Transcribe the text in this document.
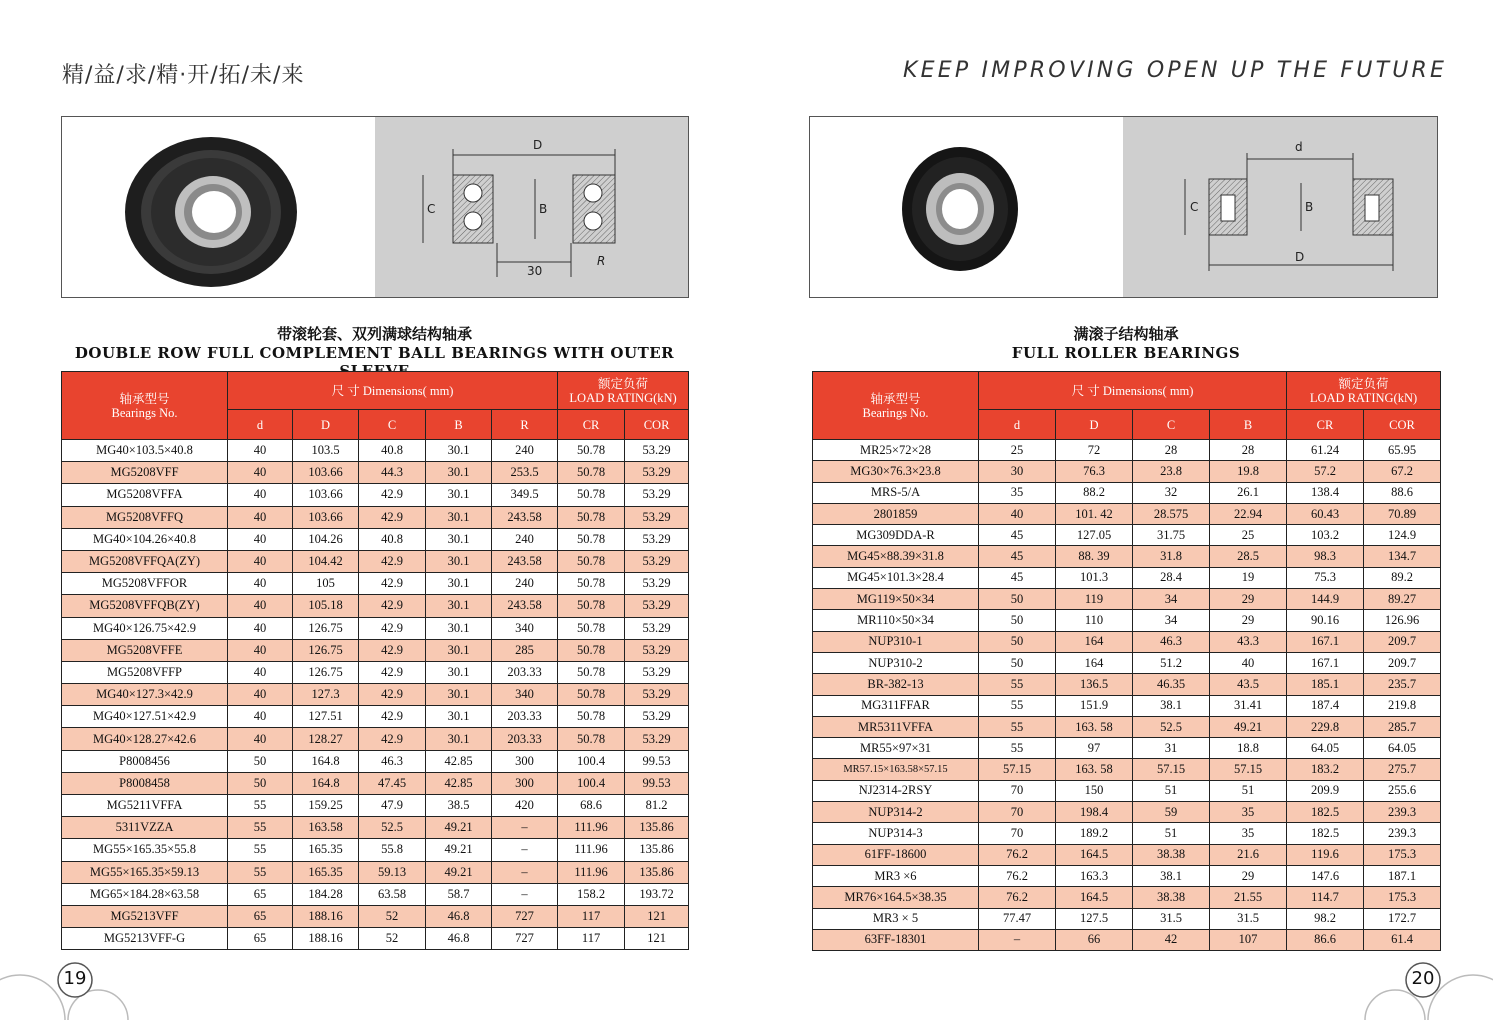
精/益/求/精·开/拓/未/来	KEEP IMPROVING OPEN UP THE FUTURE
D
C	B
30
R
d
C	B
D
带滚轮套、双列满球结构轴承
DOUBLE ROW FULL COMPLEMENT BALL BEARINGS WITH OUTER
满滚子结构轴承
FULL ROLLER BEARINGS
轴承型号
Bearings No.	尺 寸 Dimensions( mm)					额定负荷
LOAD RATING(kN)	
	d	D	C	B	R	CR	COR
MG40×103.5×40.8	40	103.5	40.8	30.1	240	50.78	53.29
MG5208VFF	40	103.66	44.3	30.1	253.5	50.78	53.29
MG5208VFFA	40	103.66	42.9	30.1	349.5	50.78	53.29
MG5208VFFQ	40	103.66	42.9	30.1	243.58	50.78	53.29
MG40×104.26×40.8	40	104.26	40.8	30.1	240	50.78	53.29
MG5208VFFQA(ZY)	40	104.42	42.9	30.1	243.58	50.78	53.29
MG5208VFFOR	40	105	42.9	30.1	240	50.78	53.29
MG5208VFFQB(ZY)	40	105.18	42.9	30.1	243.58	50.78	53.29
MG40×126.75×42.9	40	126.75	42.9	30.1	340	50.78	53.29
MG5208VFFE	40	126.75	42.9	30.1	285	50.78	53.29
MG5208VFFP	40	126.75	42.9	30.1	203.33	50.78	53.29
MG40×127.3×42.9	40	127.3	42.9	30.1	340	50.78	53.29
MG40×127.51×42.9	40	127.51	42.9	30.1	203.33	50.78	53.29
MG40×128.27×42.6	40	128.27	42.9	30.1	203.33	50.78	53.29
P8008456	50	164.8	46.3	42.85	300	100.4	99.53
P8008458	50	164.8	47.45	42.85	300	100.4	99.53
MG5211VFFA	55	159.25	47.9	38.5	420	68.6	81.2
5311VZZA	55	163.58	52.5	49.21	–	111.96	135.86
MG55×165.35×55.8	55	165.35	55.8	49.21	–	111.96	135.86
MG55×165.35×59.13	55	165.35	59.13	49.21	–	111.96	135.86
MG65×184.28×63.58	65	184.28	63.58	58.7	–	158.2	193.72
MG5213VFF	65	188.16	52	46.8	727	117	121
MG5213VFF-G	65	188.16	52	46.8	727	117	121
轴承型号
Bearings No.	尺 寸 Dimensions( mm)				额定负荷
LOAD RATING(kN)	
	d	D	C	B	CR	COR
MR25×72×28	25	72	28	28	61.24	65.95
MG30×76.3×23.8	30	76.3	23.8	19.8	57.2	67.2
MRS-5/A	35	88.2	32	26.1	138.4	88.6
2801859	40	101. 42	28.575	22.94	60.43	70.89
MG309DDA-R	45	127.05	31.75	25	103.2	124.9
MG45×88.39×31.8	45	88. 39	31.8	28.5	98.3	134.7
MG45×101.3×28.4	45	101.3	28.4	19	75.3	89.2
MG119×50×34	50	119	34	29	144.9	89.27
MR110×50×34	50	110	34	29	90.16	126.96
NUP310-1	50	164	46.3	43.3	167.1	209.7
NUP310-2	50	164	51.2	40	167.1	209.7
BR-382-13	55	136.5	46.35	43.5	185.1	235.7
MG311FFAR	55	151.9	38.1	31.41	187.4	219.8
MR5311VFFA	55	163. 58	52.5	49.21	229.8	285.7
MR55×97×31	55	97	31	18.8	64.05	64.05
MR57.15×163.58×57.15	57.15	163. 58	57.15	57.15	183.2	275.7
NJ2314-2RSY	70	150	51	51	209.9	255.6
NUP314-2	70	198.4	59	35	182.5	239.3
NUP314-3	70	189.2	51	35	182.5	239.3
61FF-18600	76.2	164.5	38.38	21.6	119.6	175.3
MR3 ×6	76.2	163.3	38.1	29	147.6	187.1
MR76×164.5×38.35	76.2	164.5	38.38	21.55	114.7	175.3
MR3 × 5	77.47	127.5	31.5	31.5	98.2	172.7
63FF-18301	–	66	42	107	86.6	61.4
19	20
